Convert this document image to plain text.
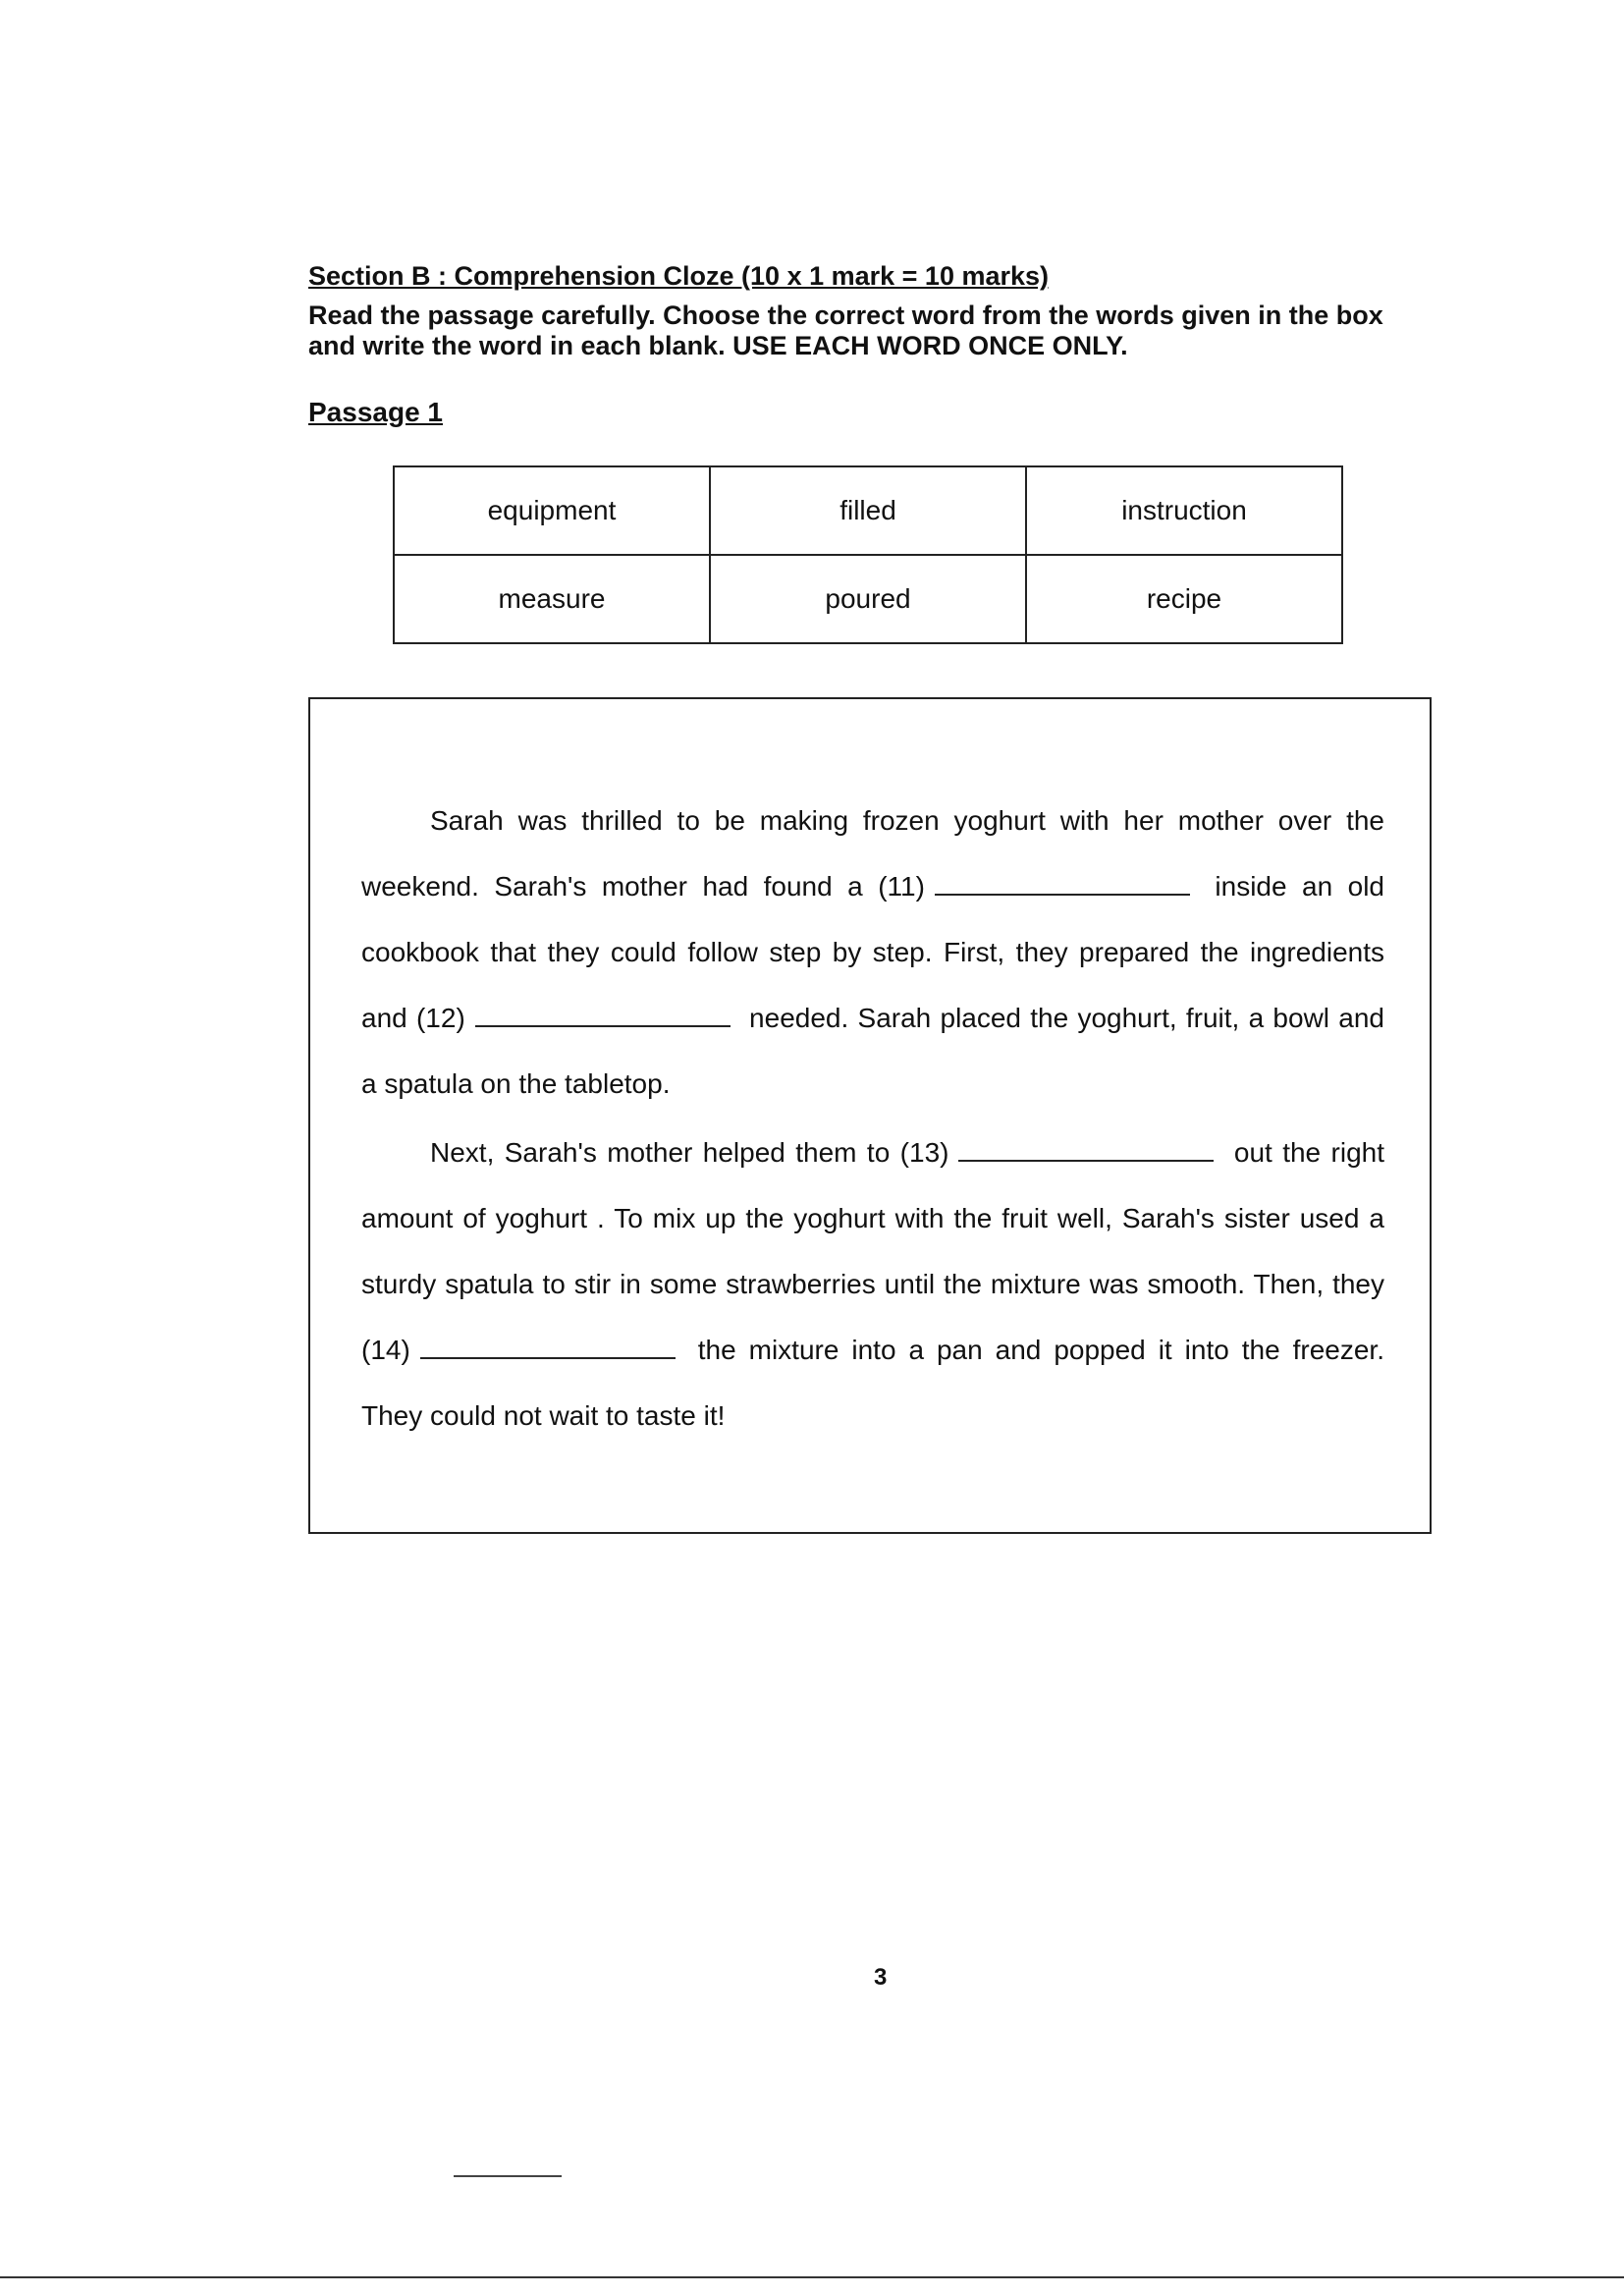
Section B : Comprehension Cloze (10 x 1 mark = 10 marks)
Read the passage carefully. Choose the correct word from the words given in the box
and write the word in each blank. USE EACH WORD ONCE ONLY.
Passage 1
equipment	filled	instruction
measure	poured	recipe
Sarah was thrilled to be making frozen yoghurt with her mother over the weekend. Sarah's mother had found a (11)	inside an old cookbook that they could follow step by step. First, they prepared the ingredients and (12)	needed. Sarah placed the yoghurt, fruit, a bowl and a spatula on the tabletop.
Next, Sarah's mother helped them to (13)	out the right amount of yoghurt . To mix up the yoghurt with the fruit well, Sarah's sister used a sturdy spatula to stir in some strawberries until the mixture was smooth. Then, they (14)	the mixture into a pan and popped it into the freezer. They could not wait to taste it!
3
